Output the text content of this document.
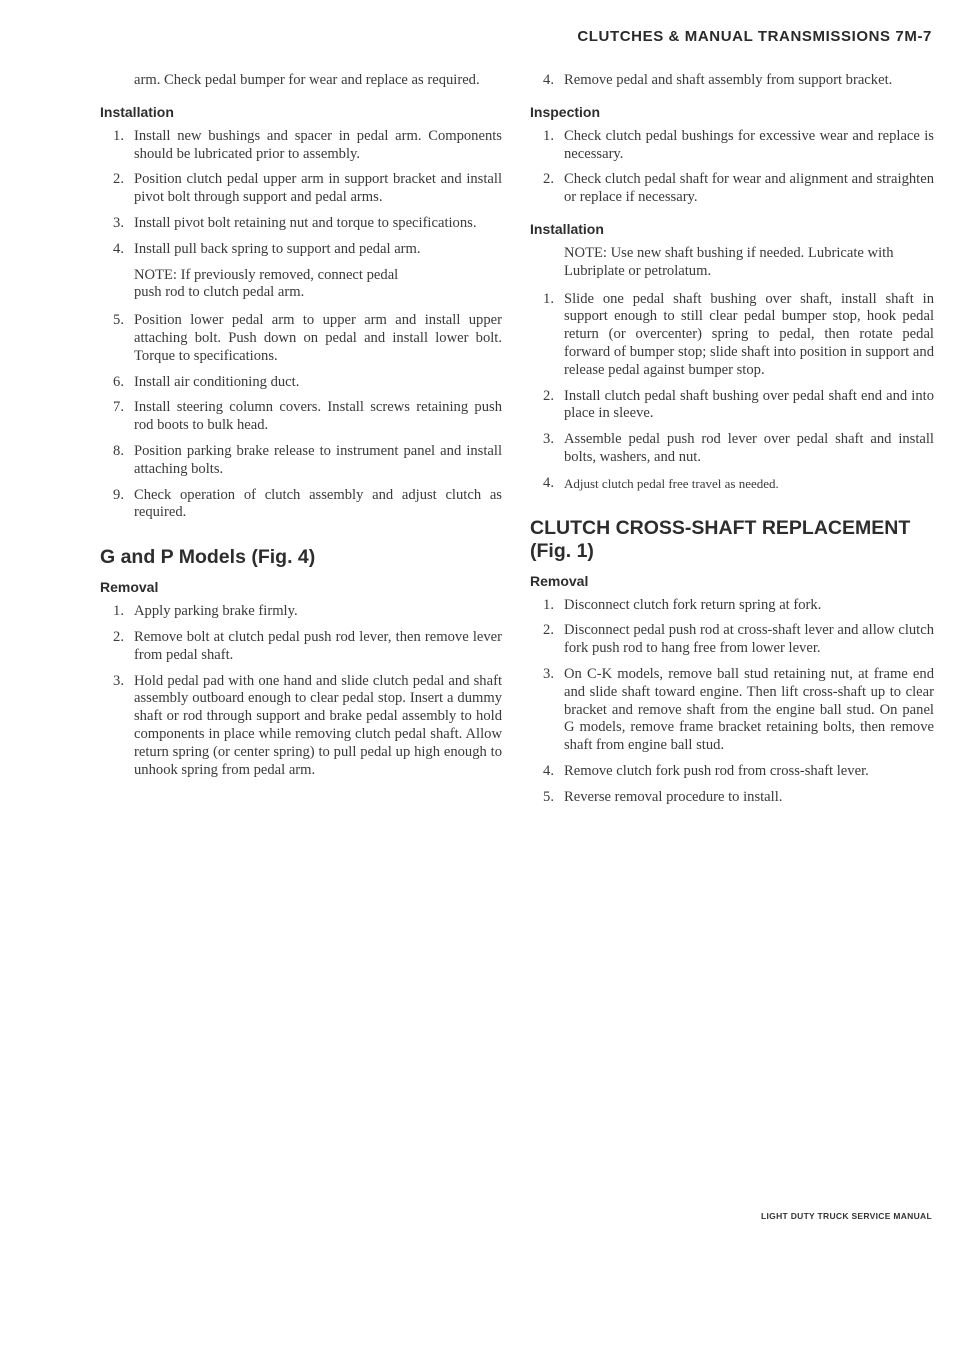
CLUTCHES & MANUAL TRANSMISSIONS 7M-7

arm. Check pedal bumper for wear and replace as required.

Installation
1. Install new bushings and spacer in pedal arm. Components should be lubricated prior to assembly.
2. Position clutch pedal upper arm in support bracket and install pivot bolt through support and pedal arms.
3. Install pivot bolt retaining nut and torque to specifications.
4. Install pull back spring to support and pedal arm.

NOTE: If previously removed, connect pedal push rod to clutch pedal arm.

5. Position lower pedal arm to upper arm and install upper attaching bolt. Push down on pedal and install lower bolt. Torque to specifications.
6. Install air conditioning duct.
7. Install steering column covers. Install screws retaining push rod boots to bulk head.
8. Position parking brake release to instrument panel and install attaching bolts.
9. Check operation of clutch assembly and adjust clutch as required.
G and P Models (Fig. 4)
Removal
1. Apply parking brake firmly.
2. Remove bolt at clutch pedal push rod lever, then remove lever from pedal shaft.
3. Hold pedal pad with one hand and slide clutch pedal and shaft assembly outboard enough to clear pedal stop. Insert a dummy shaft or rod through support and brake pedal assembly to hold components in place while removing clutch pedal shaft. Allow return spring (or center spring) to pull pedal up high enough to unhook spring from pedal arm.
4. Remove pedal and shaft assembly from support bracket.
Inspection
1. Check clutch pedal bushings for excessive wear and replace is necessary.
2. Check clutch pedal shaft for wear and alignment and straighten or replace if necessary.
Installation

NOTE: Use new shaft bushing if needed. Lubricate with Lubriplate or petrolatum.

1. Slide one pedal shaft bushing over shaft, install shaft in support enough to still clear pedal bumper stop, hook pedal return (or overcenter) spring to pedal, then rotate pedal forward of bumper stop; slide shaft into position in support and release pedal against bumper stop.
2. Install clutch pedal shaft bushing over pedal shaft end and into place in sleeve.
3. Assemble pedal push rod lever over pedal shaft and install bolts, washers, and nut.
4. Adjust clutch pedal free travel as needed.
CLUTCH CROSS-SHAFT REPLACEMENT (Fig. 1)
Removal
1. Disconnect clutch fork return spring at fork.
2. Disconnect pedal push rod at cross-shaft lever and allow clutch fork push rod to hang free from lower lever.
3. On C-K models, remove ball stud retaining nut, at frame end and slide shaft toward engine. Then lift cross-shaft up to clear bracket and remove shaft from the engine ball stud. On panel G models, remove frame bracket retaining bolts, then remove shaft from engine ball stud.
4. Remove clutch fork push rod from cross-shaft lever.
5. Reverse removal procedure to install.
LIGHT DUTY TRUCK SERVICE MANUAL
